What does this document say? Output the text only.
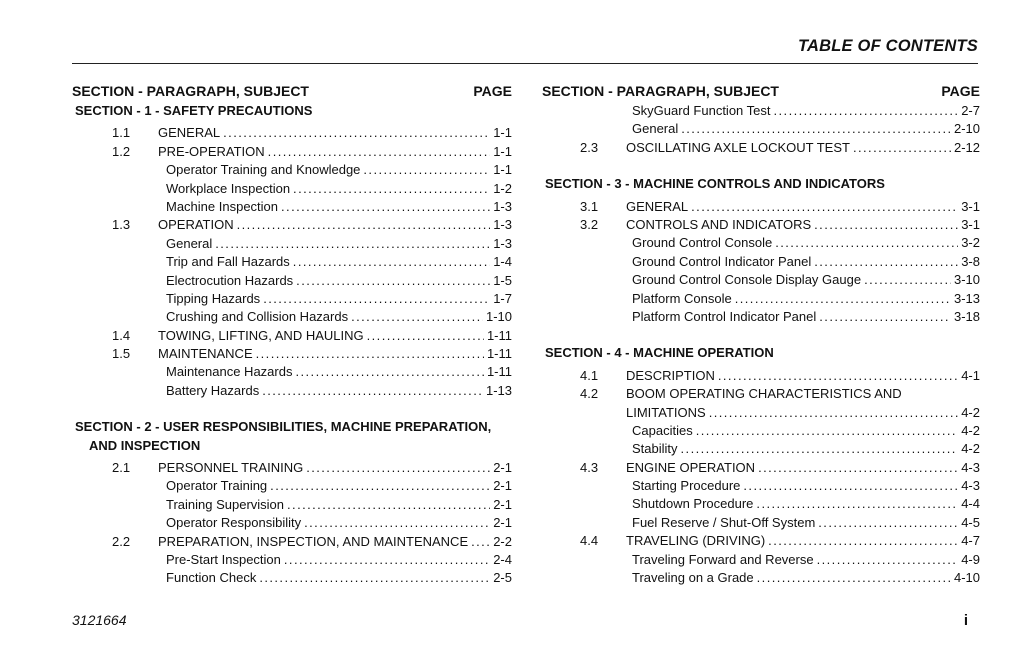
TABLE OF CONTENTS
SECTION - PARAGRAPH, SUBJECT	PAGE
SECTION - 1 - SAFETY PRECAUTIONS
1.1	GENERAL . . .	1-1
1.2	PRE-OPERATION . . .	1-1
Operator Training and Knowledge . . .	1-1
Workplace Inspection . . .	1-2
Machine Inspection . . .	1-3
1.3	OPERATION . . .	1-3
General . . .	1-3
Trip and Fall Hazards . . .	1-4
Electrocution Hazards . . .	1-5
Tipping Hazards . . .	1-7
Crushing and Collision Hazards . . .	1-10
1.4	TOWING, LIFTING, AND HAULING . . .	1-11
1.5	MAINTENANCE . . .	1-11
Maintenance Hazards . . .	1-11
Battery Hazards . . .	1-13
SECTION - 2 - USER RESPONSIBILITIES, MACHINE PREPARATION,
AND INSPECTION
2.1	PERSONNEL TRAINING . . .	2-1
Operator Training . . .	2-1
Training Supervision . . .	2-1
Operator Responsibility . . .	2-1
2.2	PREPARATION, INSPECTION, AND MAINTENANCE . . . 2-2
Pre-Start Inspection . . .	2-4
Function Check . . .	2-5
SECTION - PARAGRAPH, SUBJECT	PAGE
SkyGuard Function Test . . .	2-7
General . . .	2-10
2.3	OSCILLATING AXLE LOCKOUT TEST . . .	2-12
SECTION - 3 - MACHINE CONTROLS AND INDICATORS
3.1	GENERAL . . .	3-1
3.2	CONTROLS AND INDICATORS . . .	3-1
Ground Control Console . . .	3-2
Ground Control Indicator Panel . . .	3-8
Ground Control Console Display Gauge . . .	3-10
Platform Console . . .	3-13
Platform Control Indicator Panel . . .	3-18
SECTION - 4 - MACHINE OPERATION
4.1	DESCRIPTION . . .	4-1
4.2	BOOM OPERATING CHARACTERISTICS AND
LIMITATIONS . . .	4-2
Capacities . . .	4-2
Stability . . .	4-2
4.3	ENGINE OPERATION . . .	4-3
Starting Procedure . . .	4-3
Shutdown Procedure . . .	4-4
Fuel Reserve / Shut-Off System . . .	4-5
4.4	TRAVELING (DRIVING) . . .	4-7
Traveling Forward and Reverse . . .	4-9
Traveling on a Grade . . .	4-10
3121664	i
